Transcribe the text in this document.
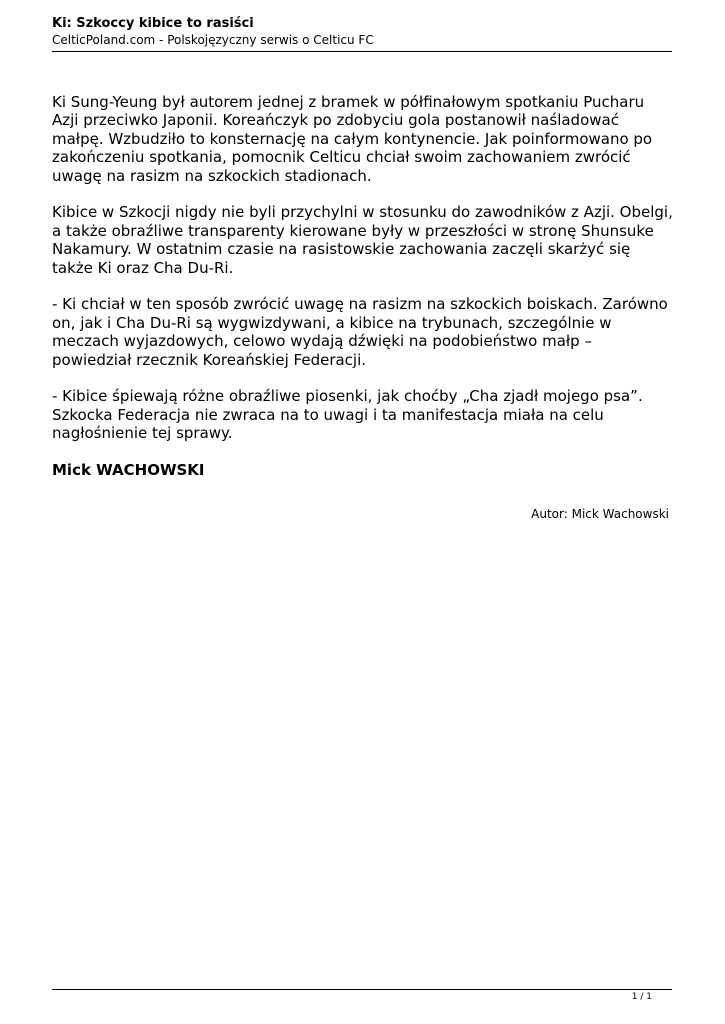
Ki: Szkoccy kibice to rasiści
CelticPoland.com - Polskojęzyczny serwis o Celticu FC

Ki Sung-Yeung był autorem jednej z bramek w półfinałowym spotkaniu Pucharu Azji przeciwko Japonii. Koreańczyk po zdobyciu gola postanowił naśladować małpę. Wzbudziło to konsternację na całym kontynencie. Jak poinformowano po zakończeniu spotkania, pomocnik Celticu chciał swoim zachowaniem zwrócić uwagę na rasizm na szkockich stadionach.

Kibice w Szkocji nigdy nie byli przychylni w stosunku do zawodników z Azji. Obelgi, a także obraźliwe transparenty kierowane były w przeszłości w stronę Shunsuke Nakamury. W ostatnim czasie na rasistowskie zachowania zaczęli skarżyć się także Ki oraz Cha Du-Ri.

- Ki chciał w ten sposób zwrócić uwagę na rasizm na szkockich boiskach. Zarówno on, jak i Cha Du-Ri są wygwizdywani, a kibice na trybunach, szczególnie w meczach wyjazdowych, celowo wydają dźwięki na podobieństwo małp – powiedział rzecznik Koreańskiej Federacji.

- Kibice śpiewają różne obraźliwe piosenki, jak choćby „Cha zjadł mojego psa”. Szkocka Federacja nie zwraca na to uwagi i ta manifestacja miała na celu nagłośnienie tej sprawy.

Mick WACHOWSKI

Autor: Mick Wachowski
1 / 1
